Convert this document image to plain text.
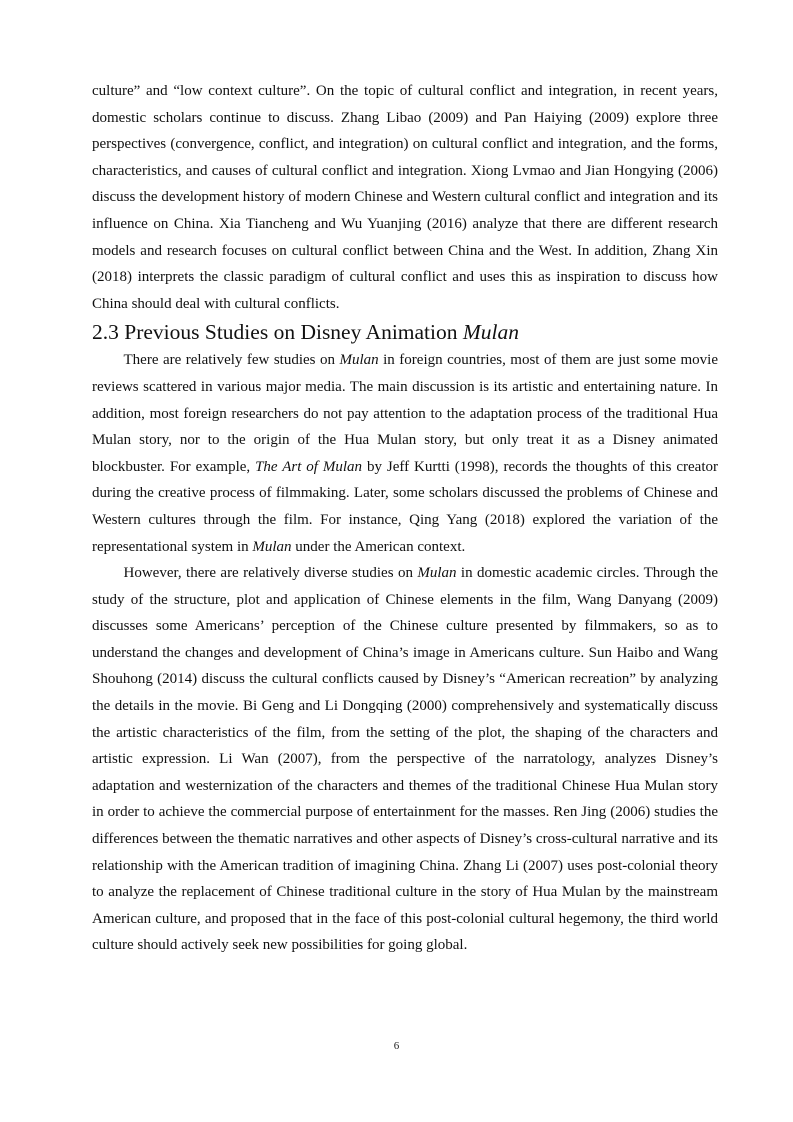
culture” and “low context culture”. On the topic of cultural conflict and integration, in recent years, domestic scholars continue to discuss. Zhang Libao (2009) and Pan Haiying (2009) explore three perspectives (convergence, conflict, and integration) on cultural conflict and integration, and the forms, characteristics, and causes of cultural conflict and integration. Xiong Lvmao and Jian Hongying (2006) discuss the development history of modern Chinese and Western cultural conflict and integration and its influence on China. Xia Tiancheng and Wu Yuanjing (2016) analyze that there are different research models and research focuses on cultural conflict between China and the West. In addition, Zhang Xin (2018) interprets the classic paradigm of cultural conflict and uses this as inspiration to discuss how China should deal with cultural conflicts.

2.3 Previous Studies on Disney Animation Mulan

There are relatively few studies on Mulan in foreign countries, most of them are just some movie reviews scattered in various major media. The main discussion is its artistic and entertaining nature. In addition, most foreign researchers do not pay attention to the adaptation process of the traditional Hua Mulan story, nor to the origin of the Hua Mulan story, but only treat it as a Disney animated blockbuster. For example, The Art of Mulan by Jeff Kurtti (1998), records the thoughts of this creator during the creative process of filmmaking. Later, some scholars discussed the problems of Chinese and Western cultures through the film. For instance, Qing Yang (2018) explored the variation of the representational system in Mulan under the American context.

However, there are relatively diverse studies on Mulan in domestic academic circles. Through the study of the structure, plot and application of Chinese elements in the film, Wang Danyang (2009) discusses some Americans’ perception of the Chinese culture presented by filmmakers, so as to understand the changes and development of China’s image in Americans culture. Sun Haibo and Wang Shouhong (2014) discuss the cultural conflicts caused by Disney’s “American recreation” by analyzing the details in the movie. Bi Geng and Li Dongqing (2000) comprehensively and systematically discuss the artistic characteristics of the film, from the setting of the plot, the shaping of the characters and artistic expression. Li Wan (2007), from the perspective of the narratology, analyzes Disney’s adaptation and westernization of the characters and themes of the traditional Chinese Hua Mulan story in order to achieve the commercial purpose of entertainment for the masses. Ren Jing (2006) studies the differences between the thematic narratives and other aspects of Disney’s cross-cultural narrative and its relationship with the American tradition of imagining China. Zhang Li (2007) uses post-colonial theory to analyze the replacement of Chinese traditional culture in the story of Hua Mulan by the mainstream American culture, and proposed that in the face of this post-colonial cultural hegemony, the third world culture should actively seek new possibilities for going global.

6
